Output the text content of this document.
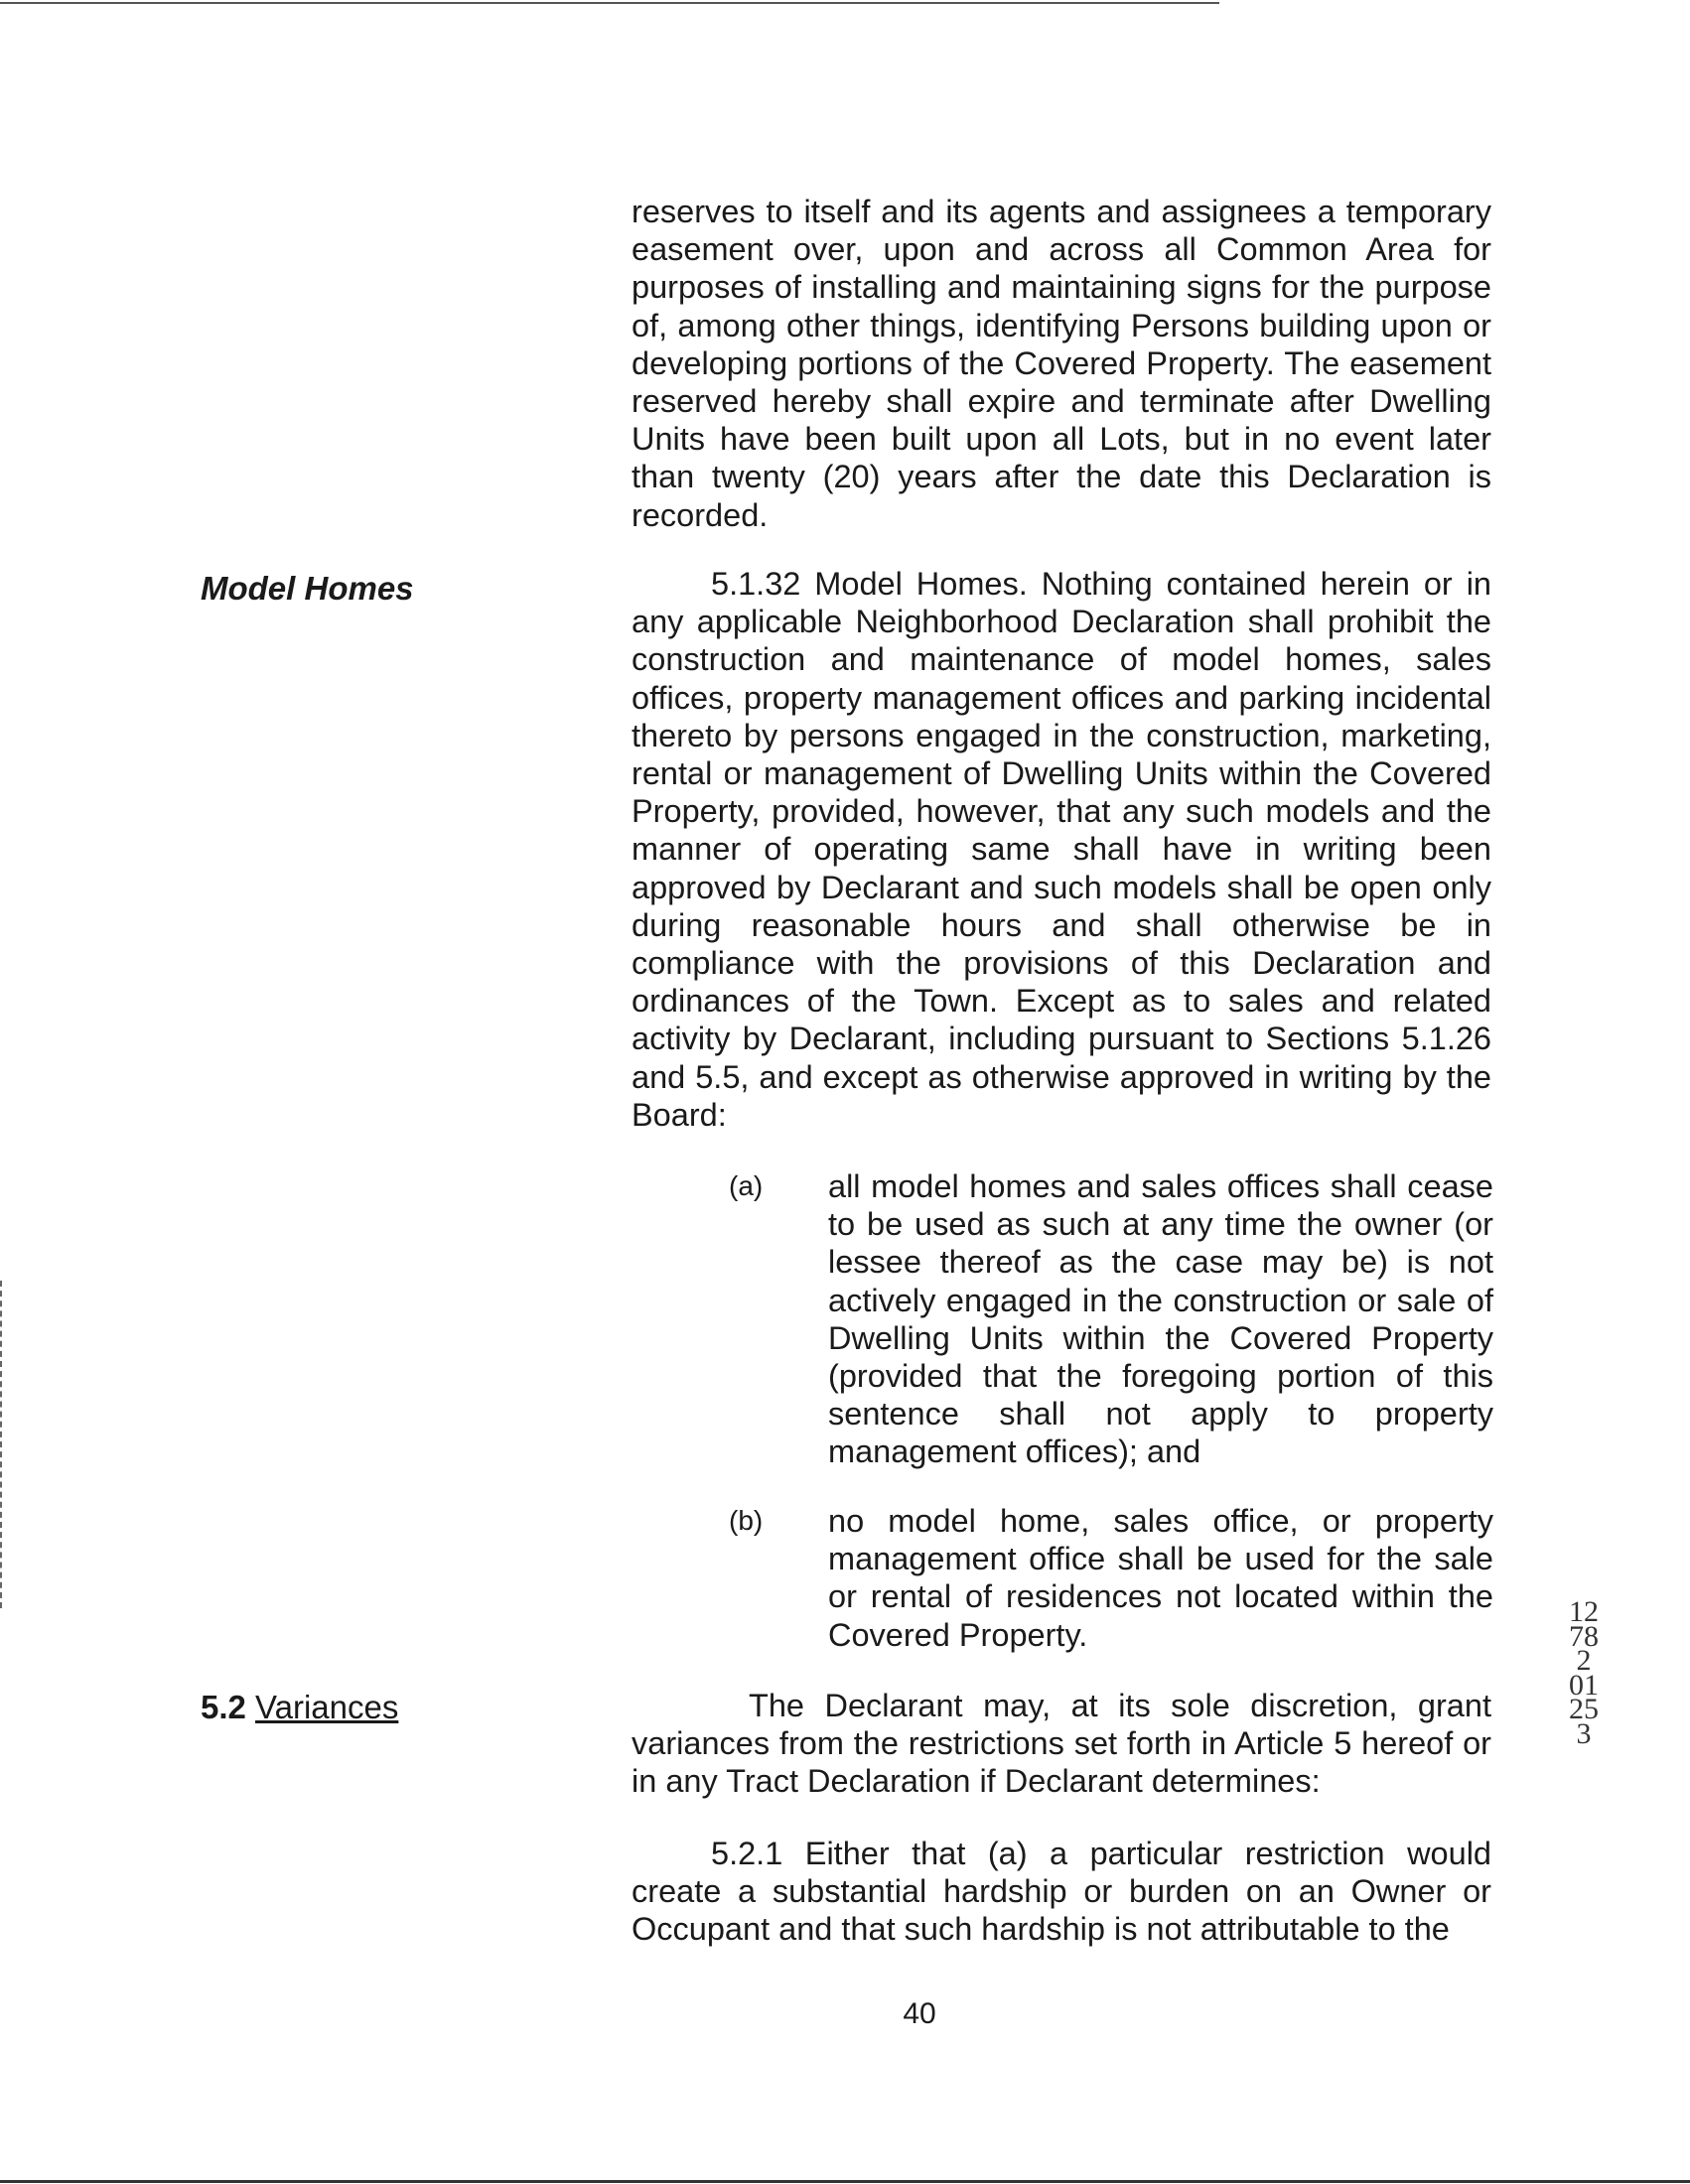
reserves to itself and its agents and assignees a temporary easement over, upon and across all Common Area for purposes of installing and maintaining signs for the purpose of, among other things, identifying Persons building upon or developing portions of the Covered Property. The easement reserved hereby shall expire and terminate after Dwelling Units have been built upon all Lots, but in no event later than twenty (20) years after the date this Declaration is recorded.
Model Homes	5.1.32 Model Homes. Nothing contained herein or in any applicable Neighborhood Declaration shall prohibit the construction and maintenance of model homes, sales offices, property management offices and parking incidental thereto by persons engaged in the construction, marketing, rental or management of Dwelling Units within the Covered Property, provided, however, that any such models and the manner of operating same shall have in writing been approved by Declarant and such models shall be open only during reasonable hours and shall otherwise be in compliance with the provisions of this Declaration and ordinances of the Town. Except as to sales and related activity by Declarant, including pursuant to Sections 5.1.26 and 5.5, and except as otherwise approved in writing by the Board:
(a)	all model homes and sales offices shall cease to be used as such at any time the owner (or lessee thereof as the case may be) is not actively engaged in the construction or sale of Dwelling Units within the Covered Property (provided that the foregoing portion of this sentence shall not apply to property management offices); and
(b)	no model home, sales office, or property management office shall be used for the sale or rental of residences not located within the Covered Property.
5.2 Variances	The Declarant may, at its sole discretion, grant variances from the restrictions set forth in Article 5 hereof or in any Tract Declaration if Declarant determines:
5.2.1 Either that (a) a particular restriction would create a substantial hardship or burden on an Owner or Occupant and that such hardship is not attributable to the
40
12782 01253
